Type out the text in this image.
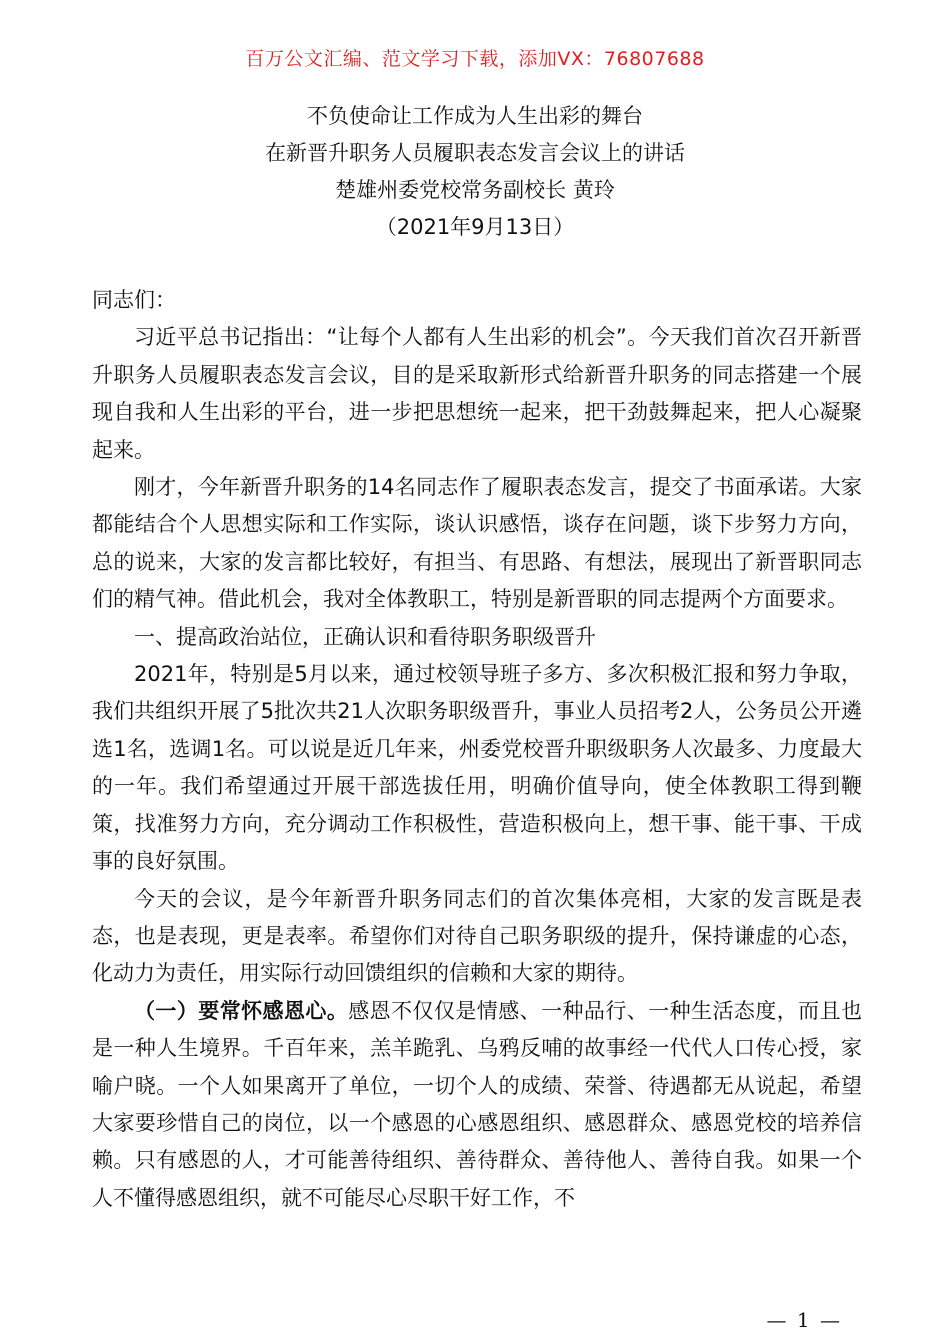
百万公文汇编、范文学习下载，添加VX：76807688
不负使命让工作成为人生出彩的舞台
在新晋升职务人员履职表态发言会议上的讲话
楚雄州委党校常务副校长 黄玲
（2021年9月13日）

同志们：

习近平总书记指出：“让每个人都有人生出彩的机会”。今天我们首次召开新晋升职务人员履职表态发言会议，目的是采取新形式给新晋升职务的同志搭建一个展现自我和人生出彩的平台，进一步把思想统一起来，把干劲鼓舞起来，把人心凝聚起来。

刚才，今年新晋升职务的14名同志作了履职表态发言，提交了书面承诺。大家都能结合个人思想实际和工作实际，谈认识感悟，谈存在问题，谈下步努力方向，总的说来，大家的发言都比较好，有担当、有思路、有想法，展现出了新晋职同志们的精气神。借此机会，我对全体教职工，特别是新晋职的同志提两个方面要求。

一、提高政治站位，正确认识和看待职务职级晋升

2021年，特别是5月以来，通过校领导班子多方、多次积极汇报和努力争取，我们共组织开展了5批次共21人次职务职级晋升，事业人员招考2人，公务员公开遴选1名，选调1名。可以说是近几年来，州委党校晋升职级职务人次最多、力度最大的一年。我们希望通过开展干部选拔任用，明确价值导向，使全体教职工得到鞭策，找准努力方向，充分调动工作积极性，营造积极向上，想干事、能干事、干成事的良好氛围。

今天的会议，是今年新晋升职务同志们的首次集体亮相，大家的发言既是表态，也是表现，更是表率。希望你们对待自己职务职级的提升，保持谦虚的心态，化动力为责任，用实际行动回馈组织的信赖和大家的期待。

（一）要常怀感恩心。感恩不仅仅是情感、一种品行、一种生活态度，而且也是一种人生境界。千百年来，羔羊跪乳、乌鸦反哺的故事经一代代人口传心授，家喻户晓。一个人如果离开了单位，一切个人的成绩、荣誉、待遇都无从说起，希望大家要珍惜自己的岗位，以一个感恩的心感恩组织、感恩群众、感恩党校的培养信赖。只有感恩的人，才可能善待组织、善待群众、善待他人、善待自我。如果一个人不懂得感恩组织，就不可能尽心尽职干好工作，不

— 1 —
